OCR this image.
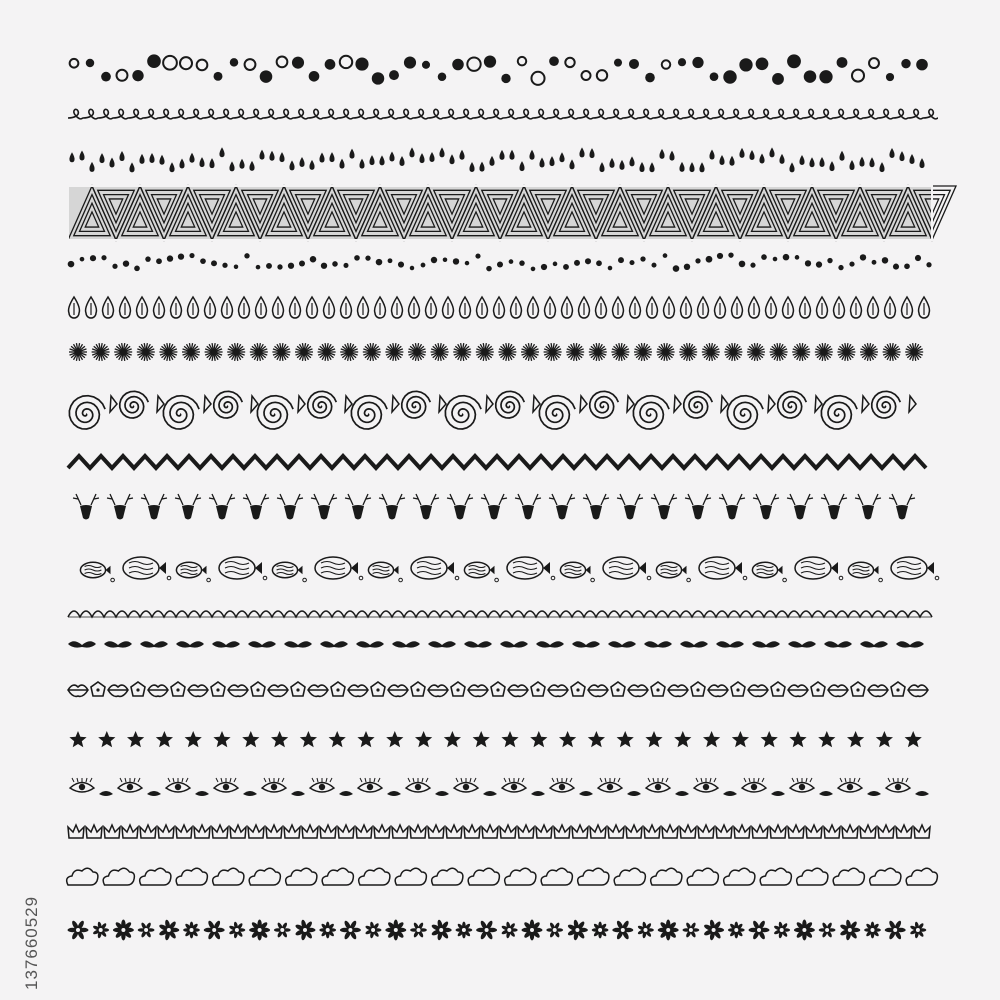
137660529
